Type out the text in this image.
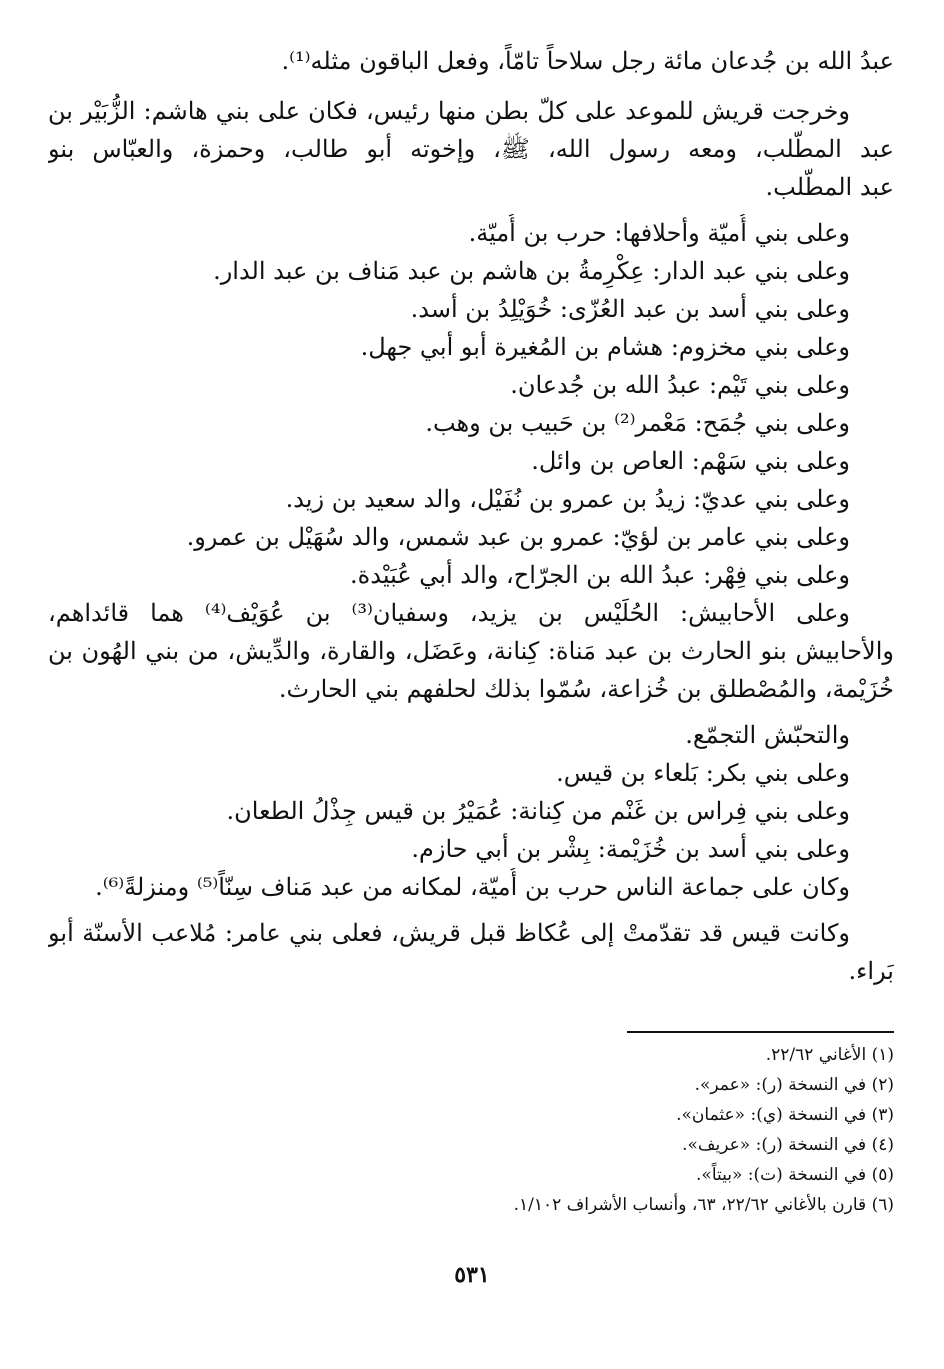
عبدُ الله بن جُدعان مائة رجل سلاحاً تامّاً، وفعل الباقون مثله⁽¹⁾.
وخرجت قريش للموعد على كلّ بطن منها رئيس، فكان على بني هاشم: الزُّبَيْر بن
عبد المطّلب، ومعه رسول الله، ﷺ، وإخوته أبو طالب، وحمزة، والعبّاس بنو
عبد المطّلب.
وعلى بني أُميّة وأحلافها: حرب بن أُميّة.
وعلى بني عبد الدار: عِكْرِمةُ بن هاشم بن عبد مَناف بن عبد الدار.
وعلى بني أسد بن عبد العُزّى: خُوَيْلِدُ بن أسد.
وعلى بني مخزوم: هشام بن المُغيرة أبو أبي جهل.
وعلى بني تَيْم: عبدُ الله بن جُدعان.
وعلى بني جُمَح: مَعْمر⁽²⁾ بن حَبيب بن وهب.
وعلى بني سَهْم: العاص بن وائل.
وعلى بني عديّ: زيدُ بن عمرو بن نُفَيْل، والد سعيد بن زيد.
وعلى بني عامر بن لؤيّ: عمرو بن عبد شمس، والد سُهَيْل بن عمرو.
وعلى بني فِهْر: عبدُ الله بن الجرّاح، والد أبي عُبَيْدة.
وعلى الأحابيش: الحُلَيْس بن يزيد، وسفيان⁽³⁾ بن عُوَيْف⁽⁴⁾ هما قائداهم،
والأحابيش بنو الحارث بن عبد مَناة: كِنانة، وعَضَل، والقارة، والدِّيش، من بني الهُون بن
خُزَيْمة، والمُصْطلق بن خُزاعة، سُمّوا بذلك لحلفهم بني الحارث.
والتحبّش التجمّع.
وعلى بني بكر: بَلعاء بن قيس.
وعلى بني فِراس بن غَنْم من كِنانة: عُمَيْرُ بن قيس جِذْلُ الطعان.
وعلى بني أسد بن خُزَيْمة: بِشْر بن أبي حازم.
وكان على جماعة الناس حرب بن أُميّة، لمكانه من عبد مَناف سِنّاً⁽⁵⁾ ومنزلةً⁽⁶⁾.
وكانت قيس قد تقدّمتْ إلى عُكاظ قبل قريش، فعلى بني عامر: مُلاعب الأسنّة أبو
بَراء.
(١) الأغاني ٢٢/٦٢.
(٢) في النسخة (ر): «عمر».
(٣) في النسخة (ي): «عثمان».
(٤) في النسخة (ر): «عريف».
(٥) في النسخة (ت): «بيتاً».
(٦) قارن بالأغاني ٢٢/٦٢، ٦٣، وأنساب الأشراف ١/١٠٢.
٥٣١
